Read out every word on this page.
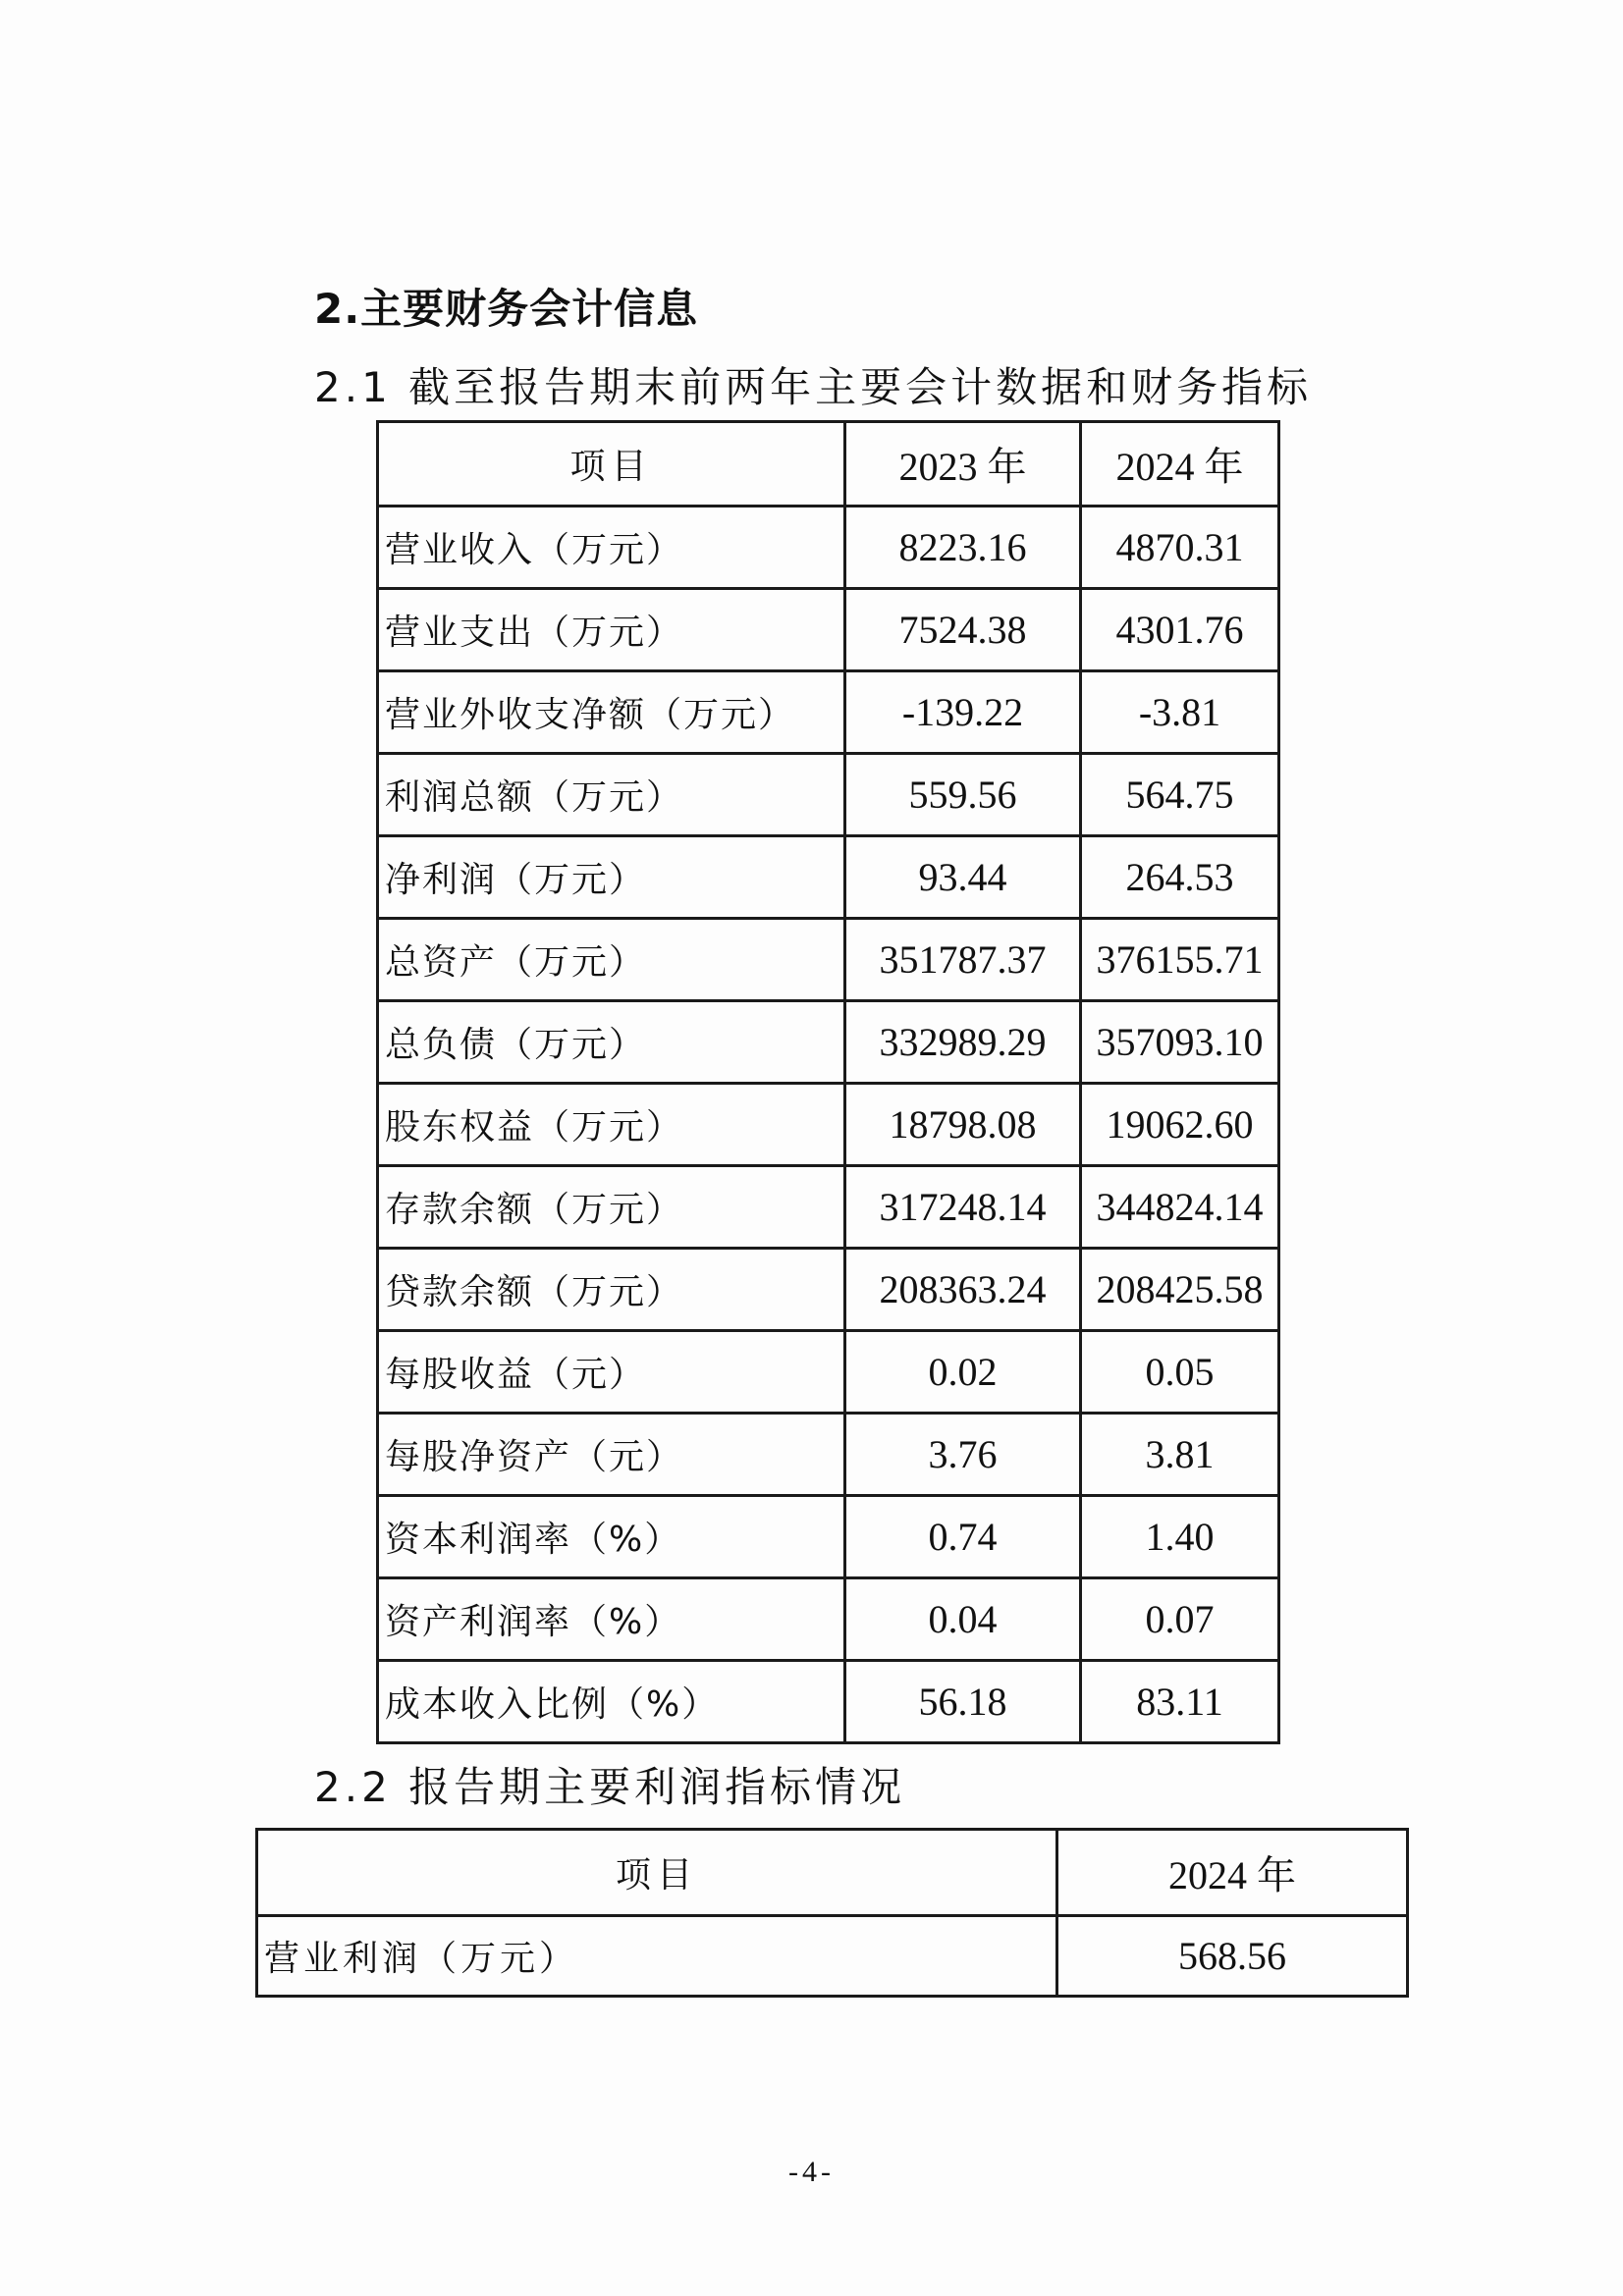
2.主要财务会计信息
2.1 截至报告期末前两年主要会计数据和财务指标
项目	2023 年	2024 年
营业收入（万元）	8223.16	4870.31
营业支出（万元）	7524.38	4301.76
营业外收支净额（万元）	-139.22	-3.81
利润总额（万元）	559.56	564.75
净利润（万元）	93.44	264.53
总资产（万元）	351787.37	376155.71
总负债（万元）	332989.29	357093.10
股东权益（万元）	18798.08	19062.60
存款余额（万元）	317248.14	344824.14
贷款余额（万元）	208363.24	208425.58
每股收益（元）	0.02	0.05
每股净资产（元）	3.76	3.81
资本利润率（%）	0.74	1.40
资产利润率（%）	0.04	0.07
成本收入比例（%）	56.18	83.11
2.2 报告期主要利润指标情况
项目	2024 年
营业利润（万元）	568.56
-4-
